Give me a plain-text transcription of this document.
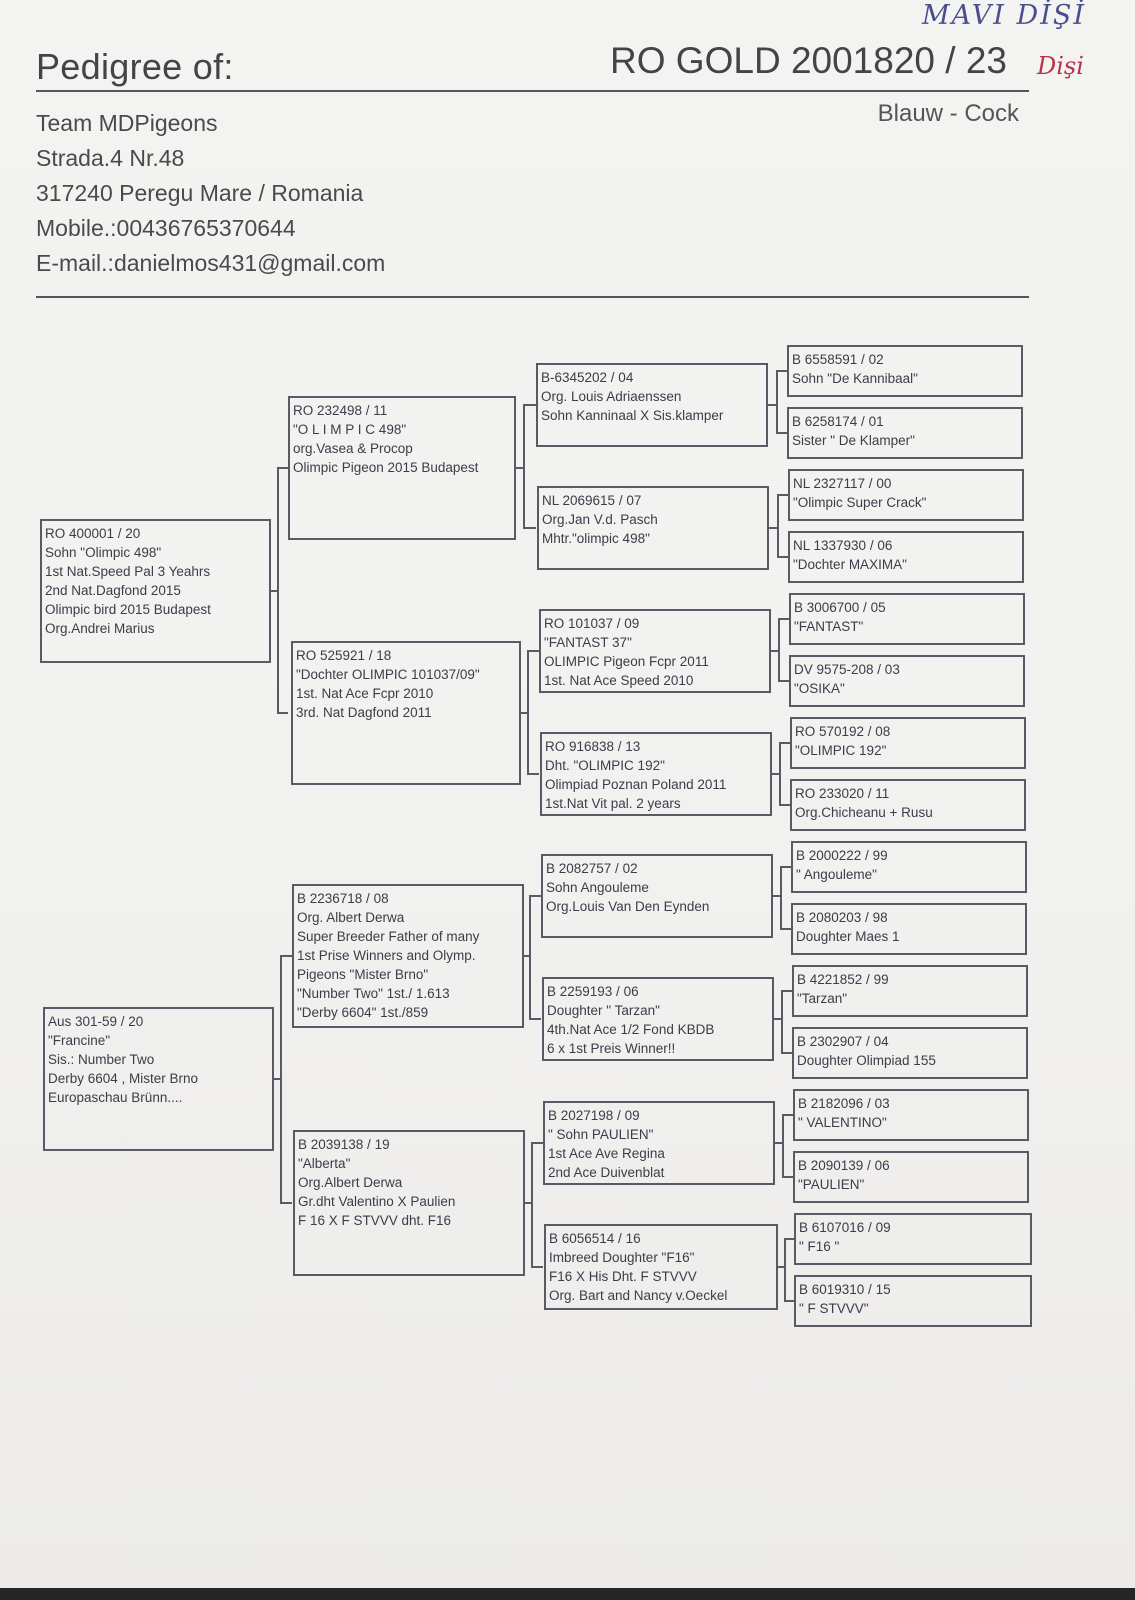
MAVI DİŞİ
Dişi
Pedigree of:	RO GOLD 2001820 / 23
Blauw - Cock
Team MDPigeons
Strada.4 Nr.48
317240 Peregu Mare / Romania
Mobile.:00436765370644
E-mail.:danielmos431@gmail.com
RO 400001 / 20
Sohn "Olimpic 498"
1st Nat.Speed Pal 3 Yeahrs
2nd Nat.Dagfond 2015
Olimpic bird 2015 Budapest
Org.Andrei Marius
Aus 301-59 / 20
"Francine"
Sis.: Number Two
Derby 6604 , Mister Brno
Europaschau Brünn....
RO 232498 / 11
"O L I M P I C 498"
org.Vasea & Procop
Olimpic Pigeon 2015 Budapest
RO 525921 / 18
"Dochter OLIMPIC 101037/09"
1st. Nat Ace Fcpr 2010
3rd. Nat Dagfond 2011
B 2236718 / 08
Org. Albert Derwa
Super Breeder Father of many
1st Prise Winners and Olymp.
Pigeons "Mister Brno"
"Number Two" 1st./ 1.613
"Derby 6604" 1st./859
B 2039138 / 19
"Alberta"
Org.Albert Derwa
Gr.dht Valentino X Paulien
F 16 X F STVVV dht. F16
B-6345202 / 04
Org. Louis Adriaenssen
Sohn Kanninaal X Sis.klamper
NL 2069615 / 07
Org.Jan V.d. Pasch
Mhtr."olimpic 498"
RO 101037 / 09
"FANTAST 37"
OLIMPIC Pigeon Fcpr 2011
1st. Nat Ace Speed 2010
RO 916838 / 13
Dht. "OLIMPIC 192"
Olimpiad Poznan Poland 2011
1st.Nat Vit pal. 2 years
B 2082757 / 02
Sohn Angouleme
Org.Louis Van Den Eynden
B 2259193 / 06
Doughter " Tarzan"
4th.Nat Ace 1/2 Fond KBDB
6 x 1st Preis Winner!!
B 2027198 / 09
" Sohn PAULIEN"
1st Ace Ave Regina
2nd Ace Duivenblat
B 6056514 / 16
Imbreed Doughter "F16"
F16 X His Dht. F STVVV
Org. Bart and Nancy v.Oeckel
B 6558591 / 02
Sohn "De Kannibaal"
B 6258174 / 01
Sister " De Klamper"
NL 2327117 / 00
"Olimpic Super Crack"
NL 1337930 / 06
"Dochter MAXIMA"
B 3006700 / 05
"FANTAST"
DV 9575-208 / 03
"OSIKA"
RO 570192 / 08
"OLIMPIC 192"
RO 233020 / 11
Org.Chicheanu + Rusu
B 2000222 / 99
" Angouleme"
B 2080203 / 98
Doughter Maes 1
B 4221852 / 99
"Tarzan"
B 2302907 / 04
Doughter Olimpiad 155
B 2182096 / 03
" VALENTINO"
B 2090139 / 06
"PAULIEN"
B 6107016 / 09
" F16 "
B 6019310 / 15
" F STVVV"
